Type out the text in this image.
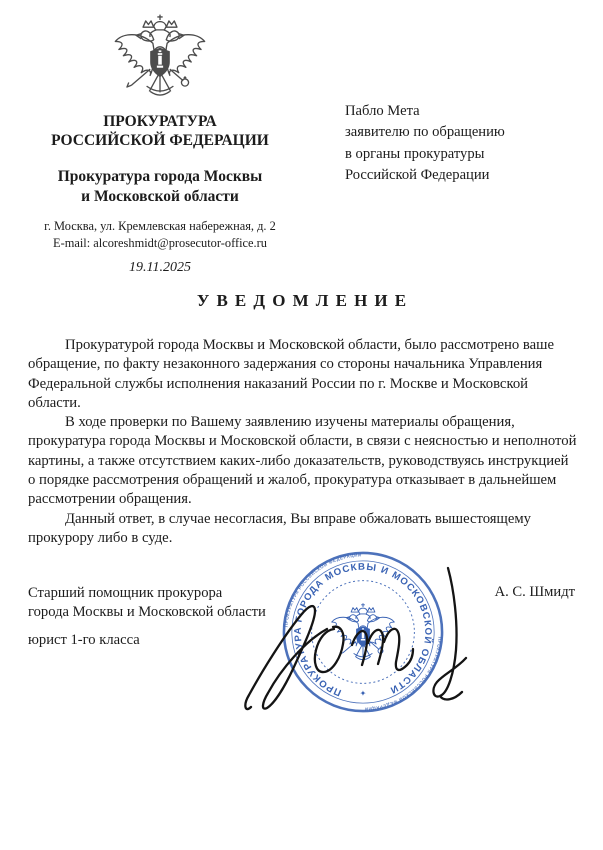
ПРОКУРАТУРА
РОССИЙСКОЙ ФЕДЕРАЦИИ
Прокуратура города Москвы
и Московской области
г. Москва, ул. Кремлевская набережная, д. 2
E-mail: alcoreshmidt@prosecutor-office.ru
19.11.2025
Пабло Мета
заявителю по обращению
в органы прокуратуры
Российской Федерации
УВЕДОМЛЕНИЕ

Прокуратурой города Москвы и Московской области, было рассмотрено ваше обращение, по факту незаконного задержания со стороны начальника Управления Федеральной службы исполнения наказаний России по г. Москве и Московской области.

В ходе проверки по Вашему заявлению изучены материалы обращения, прокуратура города Москвы и Московской области, в связи с неясностью и неполнотой картины, а также отсутствием каких-либо доказательств, руководствуясь инструкцией о порядке рассмотрения обращений и жалоб, прокуратура отказывает в дальнейшем рассмотрении обращения.

Данный ответ, в случае несогласия, Вы вправе обжаловать вышестоящему прокурору либо в суде.

Старший помощник прокурора
города Москвы и Московской области
юрист 1-го класса
А. С. Шмидт
ПРОКУРАТУРА ГОРОДА МОСКВЫ И МОСКОВСКОЙ ОБЛАСТИ
ПРОКУРАТУРА РОССИЙСКОЙ ФЕДЕРАЦИИ
ПРОКУРАТУРА РОССИЙСКОЙ ФЕДЕРАЦИИ
✦
